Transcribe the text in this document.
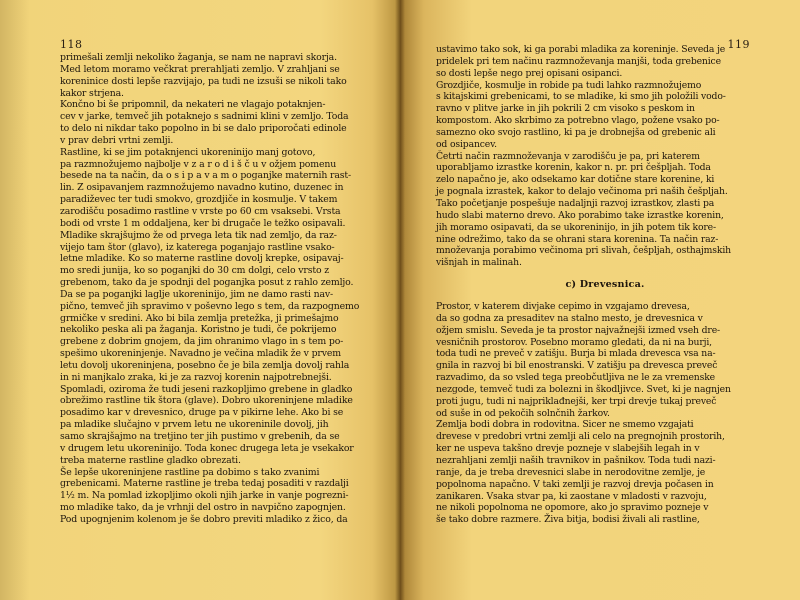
118
primešali zemlji nekoliko žaganja, se nam ne napravi skorja.
Med letom moramo večkrat prerahljati zemljo. V zrahljani se
koreninice dosti lepše razvijajo, pa tudi ne izsuši se nikoli tako
kakor strjena.
Končno bi še pripomnil, da nekateri ne vlagajo potaknjen-
cev v jarke, temveč jih potaknejo s sadnimi klini v zemljo. Toda
to delo ni nikdar tako popolno in bi se dalo priporočati edinole
v prav debri vrtni zemlji.
Rastline, ki se jim potaknjenci ukoreninijo manj gotovo,
pa razmnožujemo najbolje v z a r o d i š č u v ožjem pomenu
besede na ta način, da o s i p a v a m o poganjke maternih rast-
lin. Z osipavanjem razmnožujemo navadno kutino, duzenec in
paradiževec ter tudi smokvo, grozdjiče in kosmulje. V takem
zarodišču posadimo rastline v vrste po 60 cm vsaksebi. Vrsta
bodi od vrste 1 m oddaljena, ker bi drugače le težko osipavali.
Mladike skrajšujmo že od prvega leta tik nad zemljo, da raz-
vijejo tam štor (glavo), iz katerega poganjajo rastline vsako-
letne mladike. Ko so materne rastline dovolj krepke, osipavaj-
mo sredi junija, ko so poganjki do 30 cm dolgi, celo vrsto z
grebenom, tako da je spodnji del poganjka posut z rahlo zemljo.
Da se pa poganjki laglje ukoreninijo, jim ne damo rasti nav-
pično, temveč jih spravimo v poševno lego s tem, da razpognemo
grmičke v sredini. Ako bi bila zemlja pretežka, ji primešajmo
nekoliko peska ali pa žaganja. Koristno je tudi, če pokrijemo
grebene z dobrim gnojem, da jim ohranimo vlago in s tem po-
spešimo ukoreninjenje. Navadno je večina mladik že v prvem
letu dovolj ukoreninjena, posebno če je bila zemlja dovolj rahla
in ni manjkalo zraka, ki je za razvoj korenin najpotrebnejši.
Spomladi, oziroma že tudi jeseni razkopljimo grebene in gladko
obrežimo rastline tik štora (glave). Dobro ukoreninjene mladike
posadimo kar v drevesnico, druge pa v pikirne lehe. Ako bi se
pa mladike slučajno v prvem letu ne ukoreninile dovolj, jih
samo skrajšajmo na tretjino ter jih pustimo v grebenih, da se
v drugem letu ukoreninijo. Toda konec drugega leta je vsekakor
treba materne rastline gladko obrezati.
Še lepše ukoreninjene rastline pa dobimo s tako zvanimi
grebenicami. Materne rastline je treba tedaj posaditi v razdalji
1½ m. Na pomlad izkopljimo okoli njih jarke in vanje pogrezni-
mo mladike tako, da je vrhnji del ostro in navpično zapognjen.
Pod upognjenim kolenom je še dobro previti mladiko z žico, da
119
ustavimo tako sok, ki ga porabi mladika za koreninje. Seveda je
pridelek pri tem načinu razmnoževanja manjši, toda grebenice
so dosti lepše nego prej opisani osipanci.
Grozdjiče, kosmulje in robide pa tudi lahko razmnožujemo
s kitajskimi grebenicami, to se mladike, ki smo jih položili vodo-
ravno v plitve jarke in jih pokrili 2 cm visoko s peskom in
kompostom. Ako skrbimo za potrebno vlago, požene vsako po-
samezno oko svojo rastlino, ki pa je drobnejša od grebenic ali
od osipancev.
Četrti način razmnoževanja v zarodišču je pa, pri katerem
uporabljamo izrastke korenin, kakor n. pr. pri češpljah. Toda
zelo napačno je, ako odsekamo kar dotične stare korenine, ki
je pognala izrastek, kakor to delajo večinoma pri naših češpljah.
Tako početjanje pospešuje nadaljnji razvoj izrastkov, zlasti pa
hudo slabi materno drevo. Ako porabimo take izrastke korenin,
jih moramo osipavati, da se ukoreninijo, in jih potem tik kore-
nine odrežimo, tako da se ohrani stara korenina. Ta način raz-
množevanja porabimo večinoma pri slivah, češpljah, osthajmskih
višnjah in malinah.
c) Drevesnica.
Prostor, v katerem divjake cepimo in vzgajamo drevesa,
da so godna za presaditev na stalno mesto, je drevesnica v
ožjem smislu. Seveda je ta prostor najvažnejši izmed vseh dre-
vesničnih prostorov. Posebno moramo gledati, da ni na burji,
toda tudi ne preveč v zatišju. Burja bi mlada drevesca vsa na-
gnila in razvoj bi bil enostranski. V zatišju pa drevesca preveč
razvadimo, da so vsled tega preobčutljiva ne le za vremenske
nezgode, temveč tudi za bolezni in škodljivce. Svet, ki je nagnjen
proti jugu, tudi ni najpriklađnejši, ker trpi drevje tukaj preveč
od suše in od pekočih solnčnih žarkov.
Zemlja bodi dobra in rodovitna. Sicer ne smemo vzgajati
drevese v predobri vrtni zemlji ali celo na pregnojnih prostorih,
ker ne uspeva takšno drevje pozneje v slabejših legah in v
nezrahljani zemlji naših travnikov in pašnikov. Toda tudi nazi-
ranje, da je treba drevesnici slabe in nerodovitne zemlje, je
popolnoma napačno. V taki zemlji je razvoj drevja počasen in
zanikaren. Vsaka stvar pa, ki zaostane v mladosti v razvoju,
ne nikoli popolnoma ne opomore, ako jo spravimo pozneje v
še tako dobre razmere. Živa bitja, bodisi živali ali rastline,
